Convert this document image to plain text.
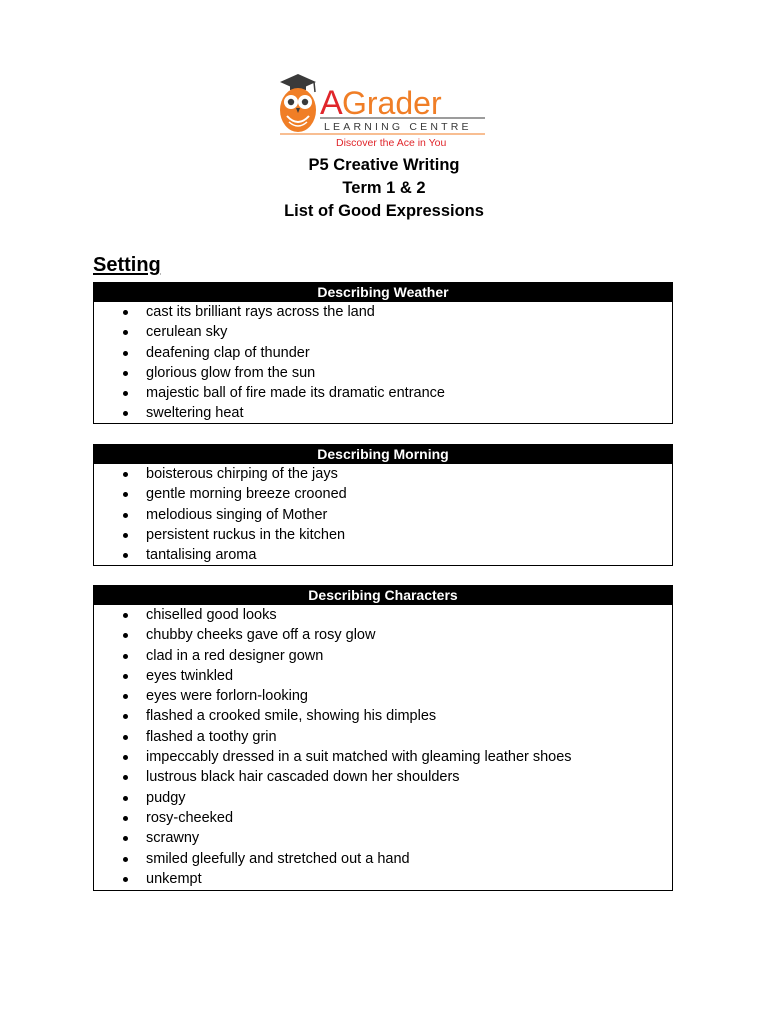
A Grader
LEARNING CENTRE
Discover the Ace in You
P5 Creative Writing
Term 1 & 2
List of Good Expressions
Setting
Describing Weather
cast its brilliant rays across the land
cerulean sky
deafening clap of thunder
glorious glow from the sun
majestic ball of fire made its dramatic entrance
sweltering heat
Describing Morning
boisterous chirping of the jays
gentle morning breeze crooned
melodious singing of Mother
persistent ruckus in the kitchen
tantalising aroma
Describing Characters
chiselled good looks
chubby cheeks gave off a rosy glow
clad in a red designer gown
eyes twinkled
eyes were forlorn-looking
flashed a crooked smile, showing his dimples
flashed a toothy grin
impeccably dressed in a suit matched with gleaming leather shoes
lustrous black hair cascaded down her shoulders
pudgy
rosy-cheeked
scrawny
smiled gleefully and stretched out a hand
unkempt
